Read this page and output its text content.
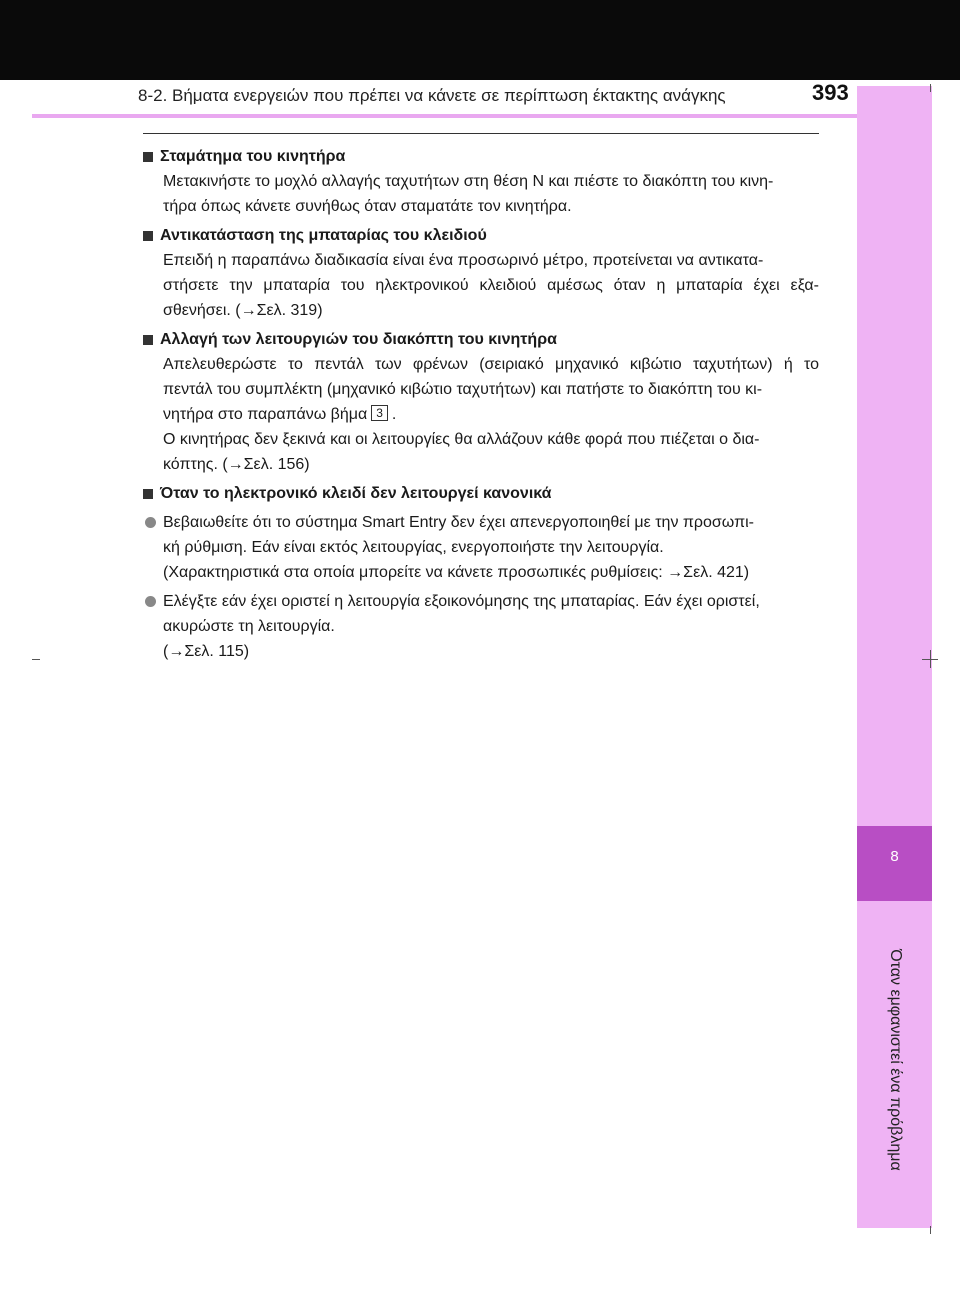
8-2. Βήματα ενεργειών που πρέπει να κάνετε σε περίπτωση έκτακτης ανάγκης	393
8
Όταν εμφανιστεί ένα πρόβλημα
Σταμάτημα του κινητήρα
Μετακινήστε το μοχλό αλλαγής ταχυτήτων στη θέση N και πιέστε το διακόπτη του κινη-
τήρα όπως κάνετε συνήθως όταν σταματάτε τον κινητήρα.
Αντικατάσταση της μπαταρίας του κλειδιού
Επειδή η παραπάνω διαδικασία είναι ένα προσωρινό μέτρο, προτείνεται να αντικατα-
στήσετε την μπαταρία του ηλεκτρονικού κλειδιού αμέσως όταν η μπαταρία έχει εξα-
σθενήσει. (→Σελ. 319)
Αλλαγή των λειτουργιών του διακόπτη του κινητήρα
Απελευθερώστε το πεντάλ των φρένων (σειριακό μηχανικό κιβώτιο ταχυτήτων) ή το
πεντάλ του συμπλέκτη (μηχανικό κιβώτιο ταχυτήτων) και πατήστε το διακόπτη του κι-
νητήρα στο παραπάνω βήμα 3 .
Ο κινητήρας δεν ξεκινά και οι λειτουργίες θα αλλάζουν κάθε φορά που πιέζεται ο δια-
κόπτης. (→Σελ. 156)
Όταν το ηλεκτρονικό κλειδί δεν λειτουργεί κανονικά
Βεβαιωθείτε ότι το σύστημα Smart Entry δεν έχει απενεργοποιηθεί με την προσωπι-
κή ρύθμιση. Εάν είναι εκτός λειτουργίας, ενεργοποιήστε την λειτουργία.
(Χαρακτηριστικά στα οποία μπορείτε να κάνετε προσωπικές ρυθμίσεις: →Σελ. 421)
Ελέγξτε εάν έχει οριστεί η λειτουργία εξοικονόμησης της μπαταρίας. Εάν έχει οριστεί,
ακυρώστε τη λειτουργία.
(→Σελ. 115)
